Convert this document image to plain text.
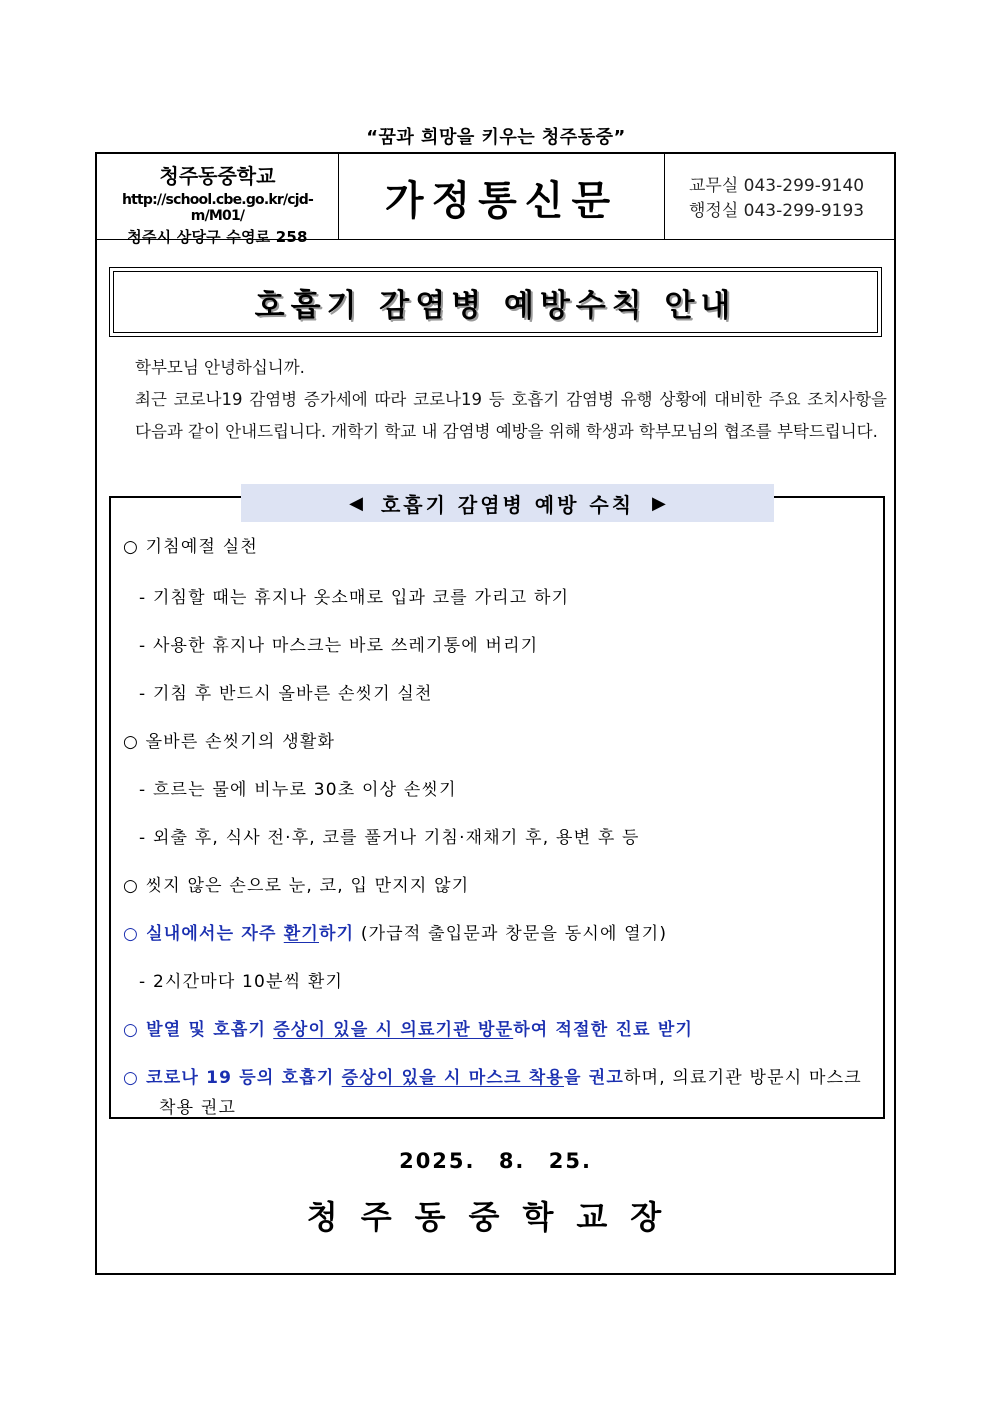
“꿈과 희망을 키우는 청주동중”
청주동중학교
http://school.cbe.go.kr/cjd-m/M01/
청주시 상당구 수영로 258
가정통신문	교무실 043-299-9140
행정실 043-299-9193
호흡기 감염병 예방수칙 안내

학부모님 안녕하십니까.

최근 코로나19 감염병 증가세에 따라 코로나19 등 호흡기 감염병 유행 상황에 대비한 주요 조치사항을 다음과 같이 안내드립니다. 개학기 학교 내 감염병 예방을 위해 학생과 학부모님의 협조를 부탁드립니다.

◀ 호흡기 감염병 예방 수칙 ▶
○ 기침예절 실천
- 기침할 때는 휴지나 옷소매로 입과 코를 가리고 하기
- 사용한 휴지나 마스크는 바로 쓰레기통에 버리기
- 기침 후 반드시 올바른 손씻기 실천
○ 올바른 손씻기의 생활화
- 흐르는 물에 비누로 30초 이상 손씻기
- 외출 후, 식사 전·후, 코를 풀거나 기침·재채기 후, 용변 후 등
○ 씻지 않은 손으로 눈, 코, 입 만지지 않기
○ 실내에서는 자주 환기하기 (가급적 출입문과 창문을 동시에 열기)
- 2시간마다 10분씩 환기
○ 발열 및 호흡기 증상이 있을 시 의료기관 방문하여 적절한 진료 받기
○ 코로나 19 등의 호흡기 증상이 있을 시 마스크 착용을 권고하며, 의료기관 방문시 마스크
착용 권고
2025. 8. 25.
청주동중학교장
